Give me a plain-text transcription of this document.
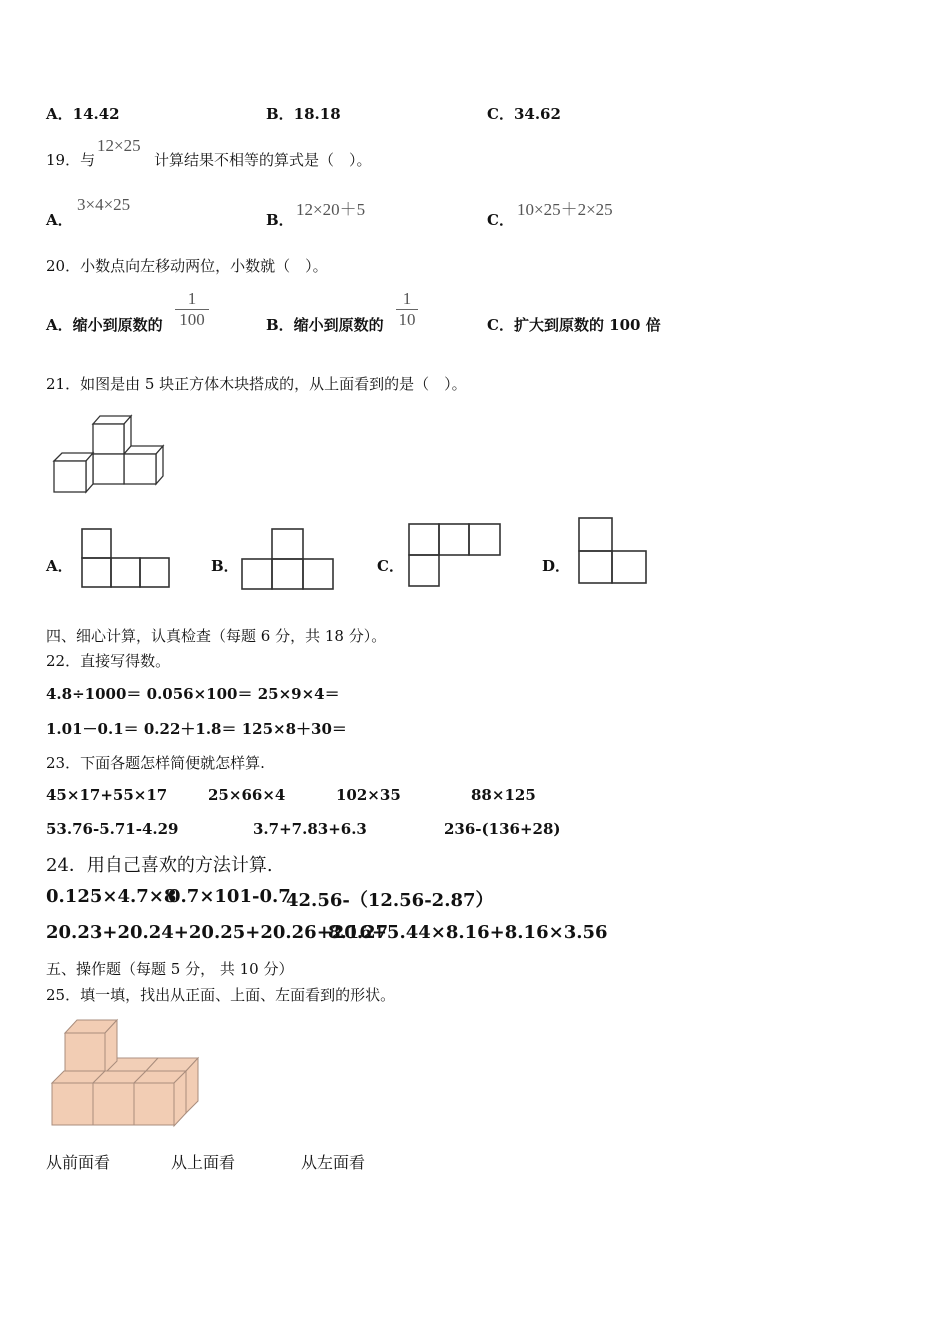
A．14.42	B．18.18	C．34.62
19．与
12×25
计算结果不相等的算式是（　）。
A．
3×4×25
B．
12×20＋5
C．
10×25＋2×25
20．小数点向左移动两位，小数就（　）。
A．缩小到原数的
1
100	B．缩小到原数的
1
10	C．扩大到原数的 100 倍
21．如图是由 5 块正方体木块搭成的，从上面看到的是（　）。
A．	B．	C．	D．
四、细心计算，认真检查（每题 6 分，共 18 分）。
22．直接写得数。
4.8÷1000＝ 0.056×100＝ 25×9×4＝
1.01－0.1＝ 0.22＋1.8＝ 125×8＋30＝
23．下面各题怎样简便就怎样算.
45×17+55×17	25×66×4	102×35	88×125
53.76-5.71-4.29	3.7+7.83+6.3	236-(136+28)
24．用自己喜欢的方法计算.
0.125×4.7×8
0.7×101-0.7
42.56-（12.56-2.87）
20.23+20.24+20.25+20.26+20.27
8.16+5.44×8.16+8.16×3.56
五、操作题（每题 5 分， 共 10 分）
25．填一填，找出从正面、上面、左面看到的形状。
从前面看	从上面看	从左面看
